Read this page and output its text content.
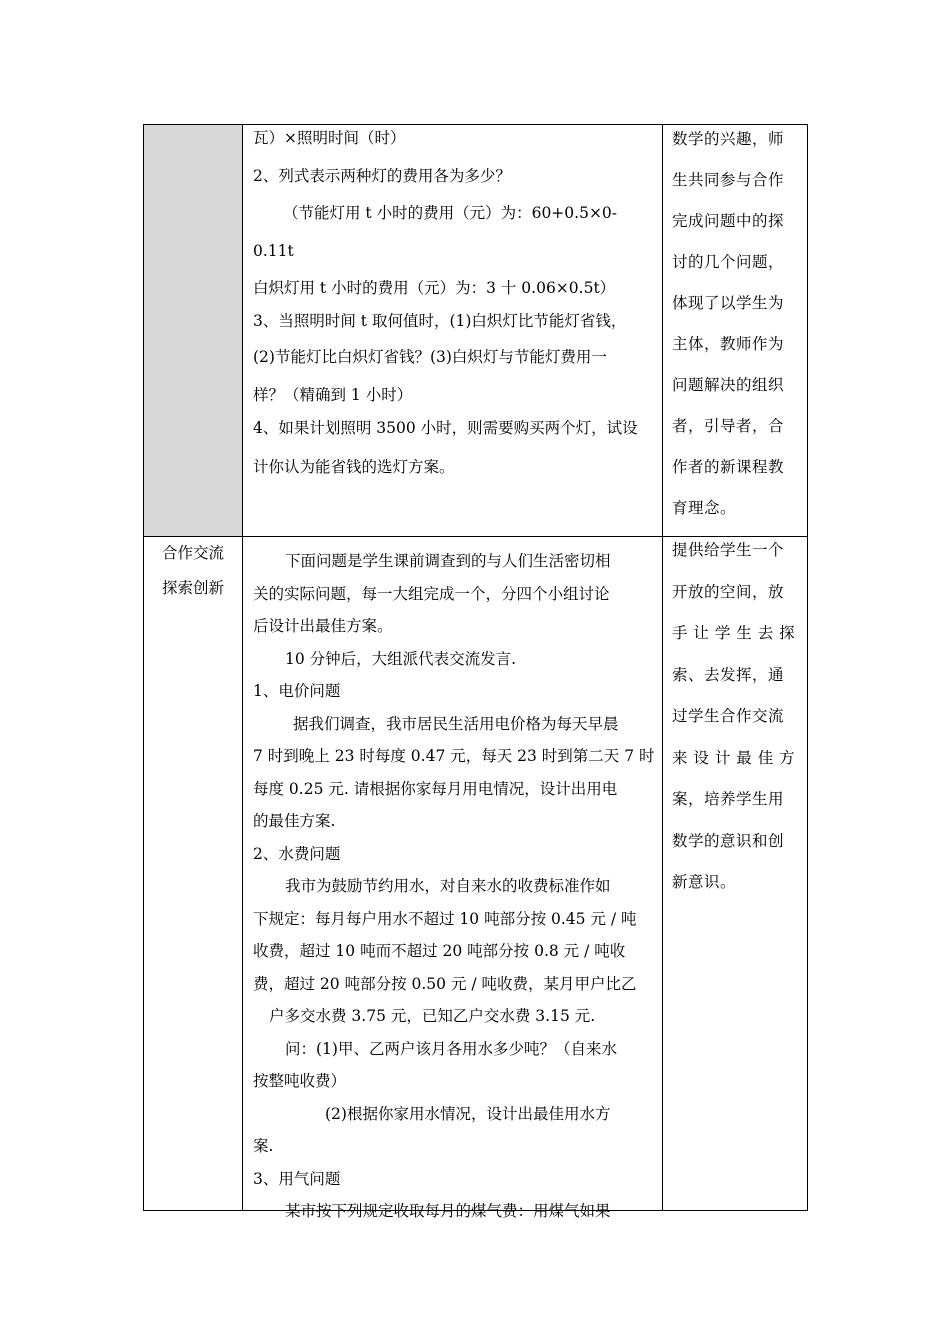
瓦）×照明时间（时）

2、列式表示两种灯的费用各为多少？

（节能灯用 t 小时的费用（元）为：60+0.5×0-

0.11t

白炽灯用 t 小时的费用（元）为：3 十 0.06×0.5t）

3、当照明时间 t 取何值时，(1)白炽灯比节能灯省钱，

(2)节能灯比白炽灯省钱？(3)白炽灯与节能灯费用一

样？（精确到 1 小时）

4、如果计划照明 3500 小时，则需要购买两个灯，试设

计你认为能省钱的选灯方案。

数学的兴趣，师

生共同参与合作

完成问题中的探

讨的几个问题，

体现了以学生为

主体，教师作为

问题解决的组织

者，引导者，合

作者的新课程教

育理念。

合作交流

探索创新

下面问题是学生课前调查到的与人们生活密切相

关的实际问题，每一大组完成一个，分四个小组讨论

后设计出最佳方案。

10 分钟后，大组派代表交流发言.

1、电价问题

据我们调查，我市居民生活用电价格为每天早晨

7 时到晚上 23 时每度 0.47 元，每天 23 时到第二天 7 时

每度 0.25 元. 请根据你家每月用电情况，设计出用电

的最佳方案.

2、水费问题

我市为鼓励节约用水，对自来水的收费标准作如

下规定：每月每户用水不超过 10 吨部分按 0.45 元 / 吨

收费，超过 10 吨而不超过 20 吨部分按 0.8 元 / 吨收

费，超过 20 吨部分按 0.50 元 / 吨收费，某月甲户比乙

户多交水费 3.75 元，已知乙户交水费 3.15 元.

问：(1)甲、乙两户该月各用水多少吨？（自来水

按整吨收费）

(2)根据你家用水情况，设计出最佳用水方

案.

3、用气问题

某市按下列规定收取每月的煤气费：用煤气如果

提供给学生一个

开放的空间，放

手 让 学 生 去 探

索、去发挥，通

过学生合作交流

来 设 计 最 佳 方

案，培养学生用

数学的意识和创

新意识。
